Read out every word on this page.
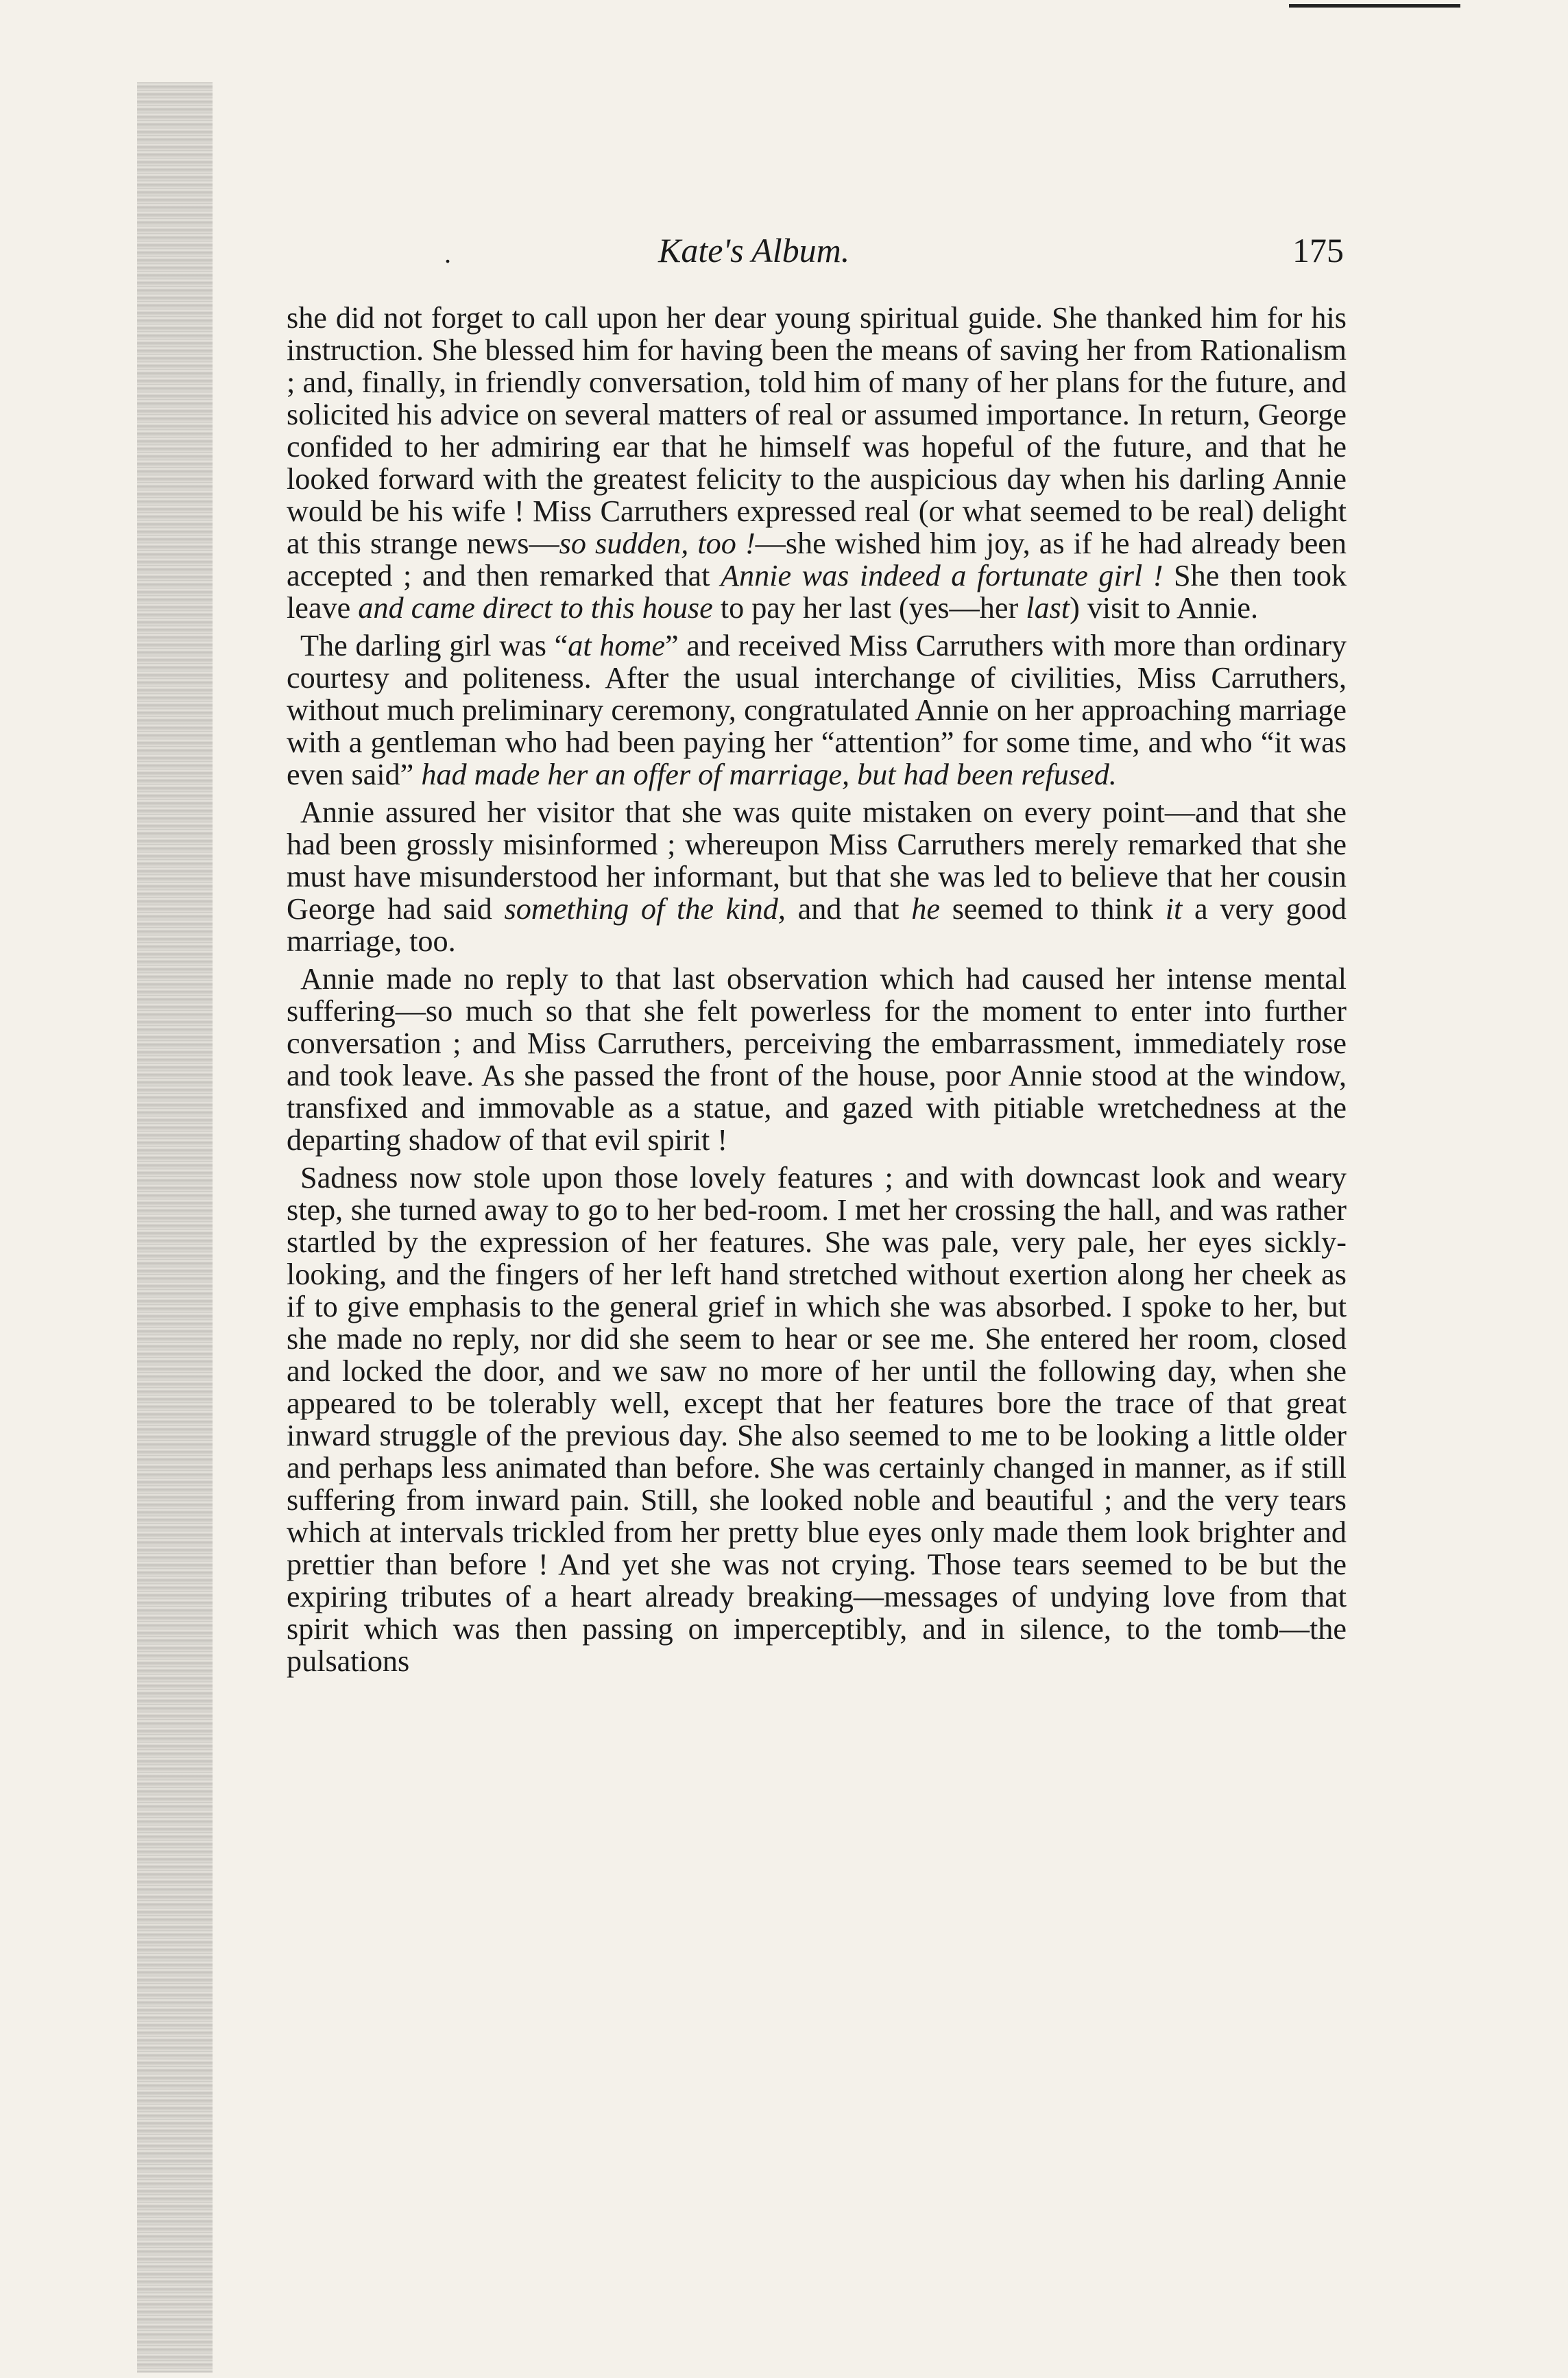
.	Kate's Album.	175

she did not forget to call upon her dear young spiritual guide. She thanked him for his instruction. She blessed him for having been the means of saving her from Rationalism ; and, finally, in friendly conversation, told him of many of her plans for the future, and solicited his advice on several matters of real or assumed importance. In return, George confided to her admiring ear that he himself was hopeful of the future, and that he looked forward with the greatest felicity to the auspicious day when his darling Annie would be his wife ! Miss Carruthers expressed real (or what seemed to be real) delight at this strange news—so sudden, too !—she wished him joy, as if he had already been accepted ; and then remarked that Annie was indeed a fortunate girl ! She then took leave and came direct to this house to pay her last (yes—her last) visit to Annie.

The darling girl was “at home” and received Miss Carruthers with more than ordinary courtesy and politeness. After the usual interchange of civilities, Miss Carruthers, without much preliminary ceremony, congratulated Annie on her approaching marriage with a gentleman who had been paying her “attention” for some time, and who “it was even said” had made her an offer of marriage, but had been refused.

Annie assured her visitor that she was quite mistaken on every point—and that she had been grossly misinformed ; whereupon Miss Carruthers merely remarked that she must have misunderstood her informant, but that she was led to believe that her cousin George had said something of the kind, and that he seemed to think it a very good marriage, too.

Annie made no reply to that last observation which had caused her intense mental suffering—so much so that she felt powerless for the moment to enter into further conversation ; and Miss Carruthers, perceiving the embarrassment, immediately rose and took leave. As she passed the front of the house, poor Annie stood at the window, transfixed and immovable as a statue, and gazed with pitiable wretchedness at the departing shadow of that evil spirit !

Sadness now stole upon those lovely features ; and with downcast look and weary step, she turned away to go to her bed-room. I met her crossing the hall, and was rather startled by the expression of her features. She was pale, very pale, her eyes sickly-looking, and the fingers of her left hand stretched without exertion along her cheek as if to give emphasis to the general grief in which she was absorbed. I spoke to her, but she made no reply, nor did she seem to hear or see me. She entered her room, closed and locked the door, and we saw no more of her until the following day, when she appeared to be tolerably well, except that her features bore the trace of that great inward struggle of the previous day. She also seemed to me to be looking a little older and perhaps less animated than before. She was certainly changed in manner, as if still suffering from inward pain. Still, she looked noble and beautiful ; and the very tears which at intervals trickled from her pretty blue eyes only made them look brighter and prettier than before ! And yet she was not crying. Those tears seemed to be but the expiring tributes of a heart already breaking—messages of undying love from that spirit which was then passing on imperceptibly, and in silence, to the tomb—the pulsations
